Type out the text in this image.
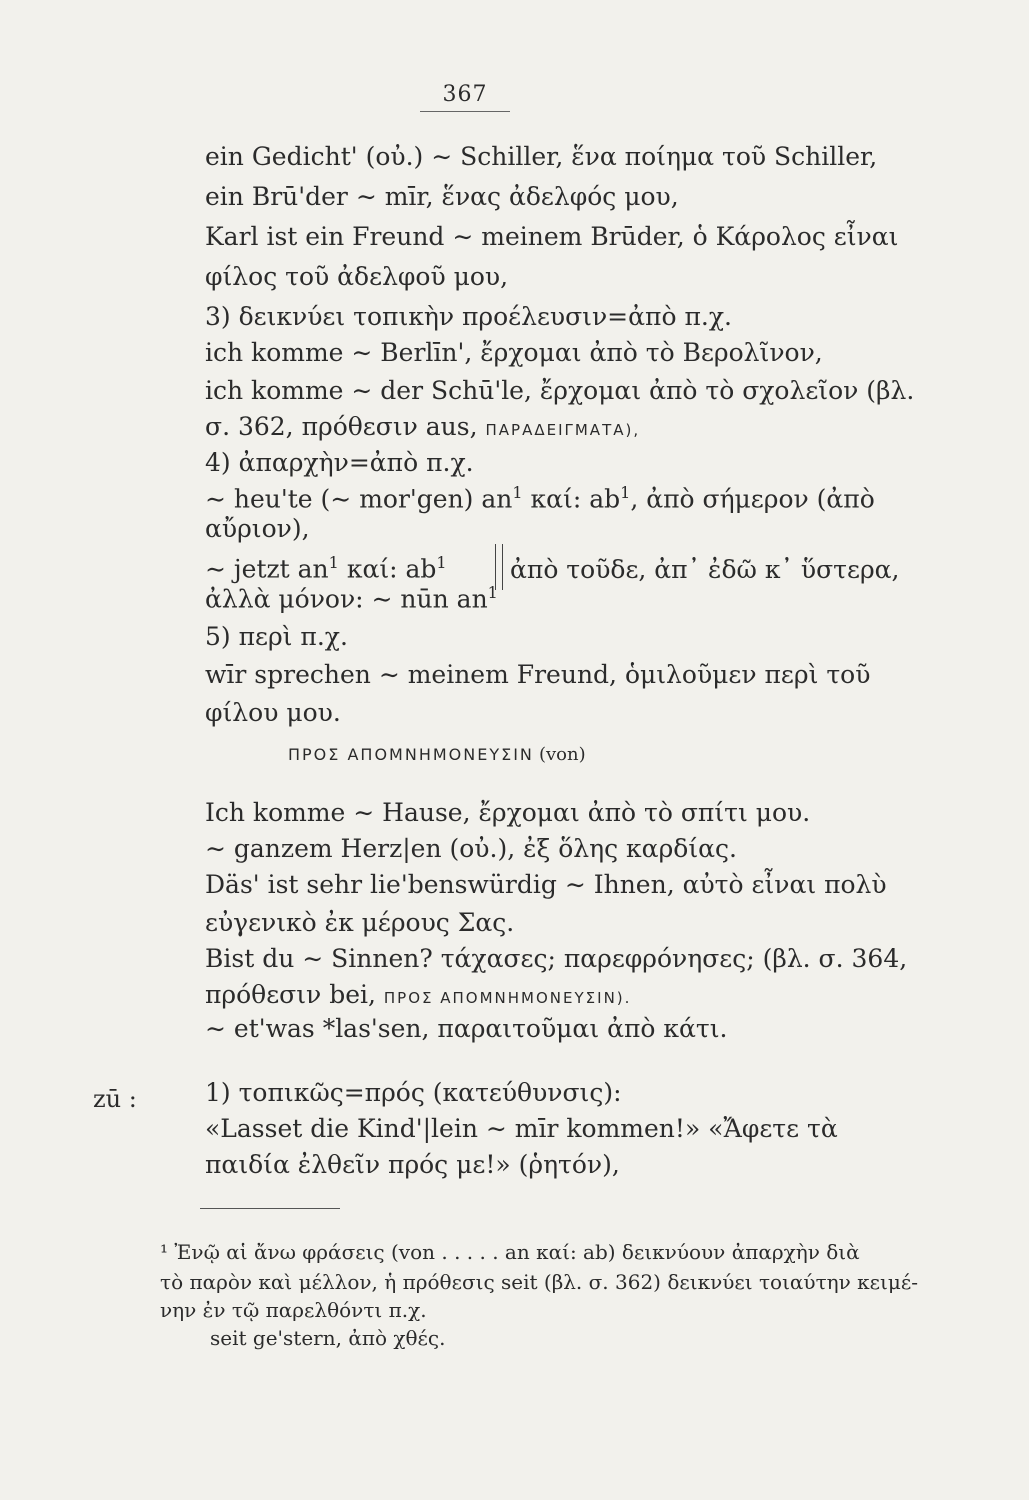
367
ein Gedicht' (οὐ.) ∼ Schiller, ἕνα ποίημα τοῦ Schiller,
ein Brū'der ∼ mīr, ἕνας ἀδελφός μου,
Karl ist ein Freund ∼ meinem Brūder, ὁ Κάρολος εἶναι
φίλος τοῦ ἀδελφοῦ μου,
3) δεικνύει τοπικὴν προέλευσιν=ἀπὸ π.χ.
ich komme ∼ Berlīn', ἔρχομαι ἀπὸ τὸ Βερολῖνον,
ich komme ∼ der Schū'le, ἔρχομαι ἀπὸ τὸ σχολεῖον (βλ.
σ. 362, πρόθεσιν aus, ΠΑΡΑΔΕΙΓΜΑΤΑ),
4) ἀπαρχὴν=ἀπὸ π.χ.
∼ heu'te (∼ mor'gen) $an^1$ καί: $ab^1$, ἀπὸ σήμερον (ἀπὸ
αὔριον),
∼ jetzt $an^1$ καί: $ab^1$
ἀλλὰ μόνον: ∼ nūn $an^1$
ἀπὸ τοῦδε, ἀπ᾽ ἐδῶ κ᾽ ὕστερα,
5) περὶ π.χ.
wīr sprechen ∼ meinem Freund, ὁμιλοῦμεν περὶ τοῦ
φίλου μου.
ΠΡΟΣ ΑΠΟΜΝΗΜΟΝΕΥΣΙΝ (von)
Ich komme ∼ Hause, ἔρχομαι ἀπὸ τὸ σπίτι μου.
∼ ganzem Herz|en (οὐ.), ἐξ ὅλης καρδίας.
Däs' ist sehr lie'benswürdig ∼ Ihnen, αὐτὸ εἶναι πολὺ
εὐγενικὸ ἐκ μέρους Σας.
Bist du ∼ Sinnen? τάχασες; παρεφρόνησες; (βλ. σ. 364,
πρόθεσιν bei, ΠΡΟΣ ΑΠΟΜΝΗΜΟΝΕΥΣΙΝ).
∼ et'was *las'sen, παραιτοῦμαι ἀπὸ κάτι.
zū :	1) τοπικῶς=πρός (κατεύθυνσις):
«Lasset die Kind'|lein ∼ mīr kommen!» «Ἄφετε τὰ
παιδία ἐλθεῖν πρός με!» (ῥητόν),
¹ Ἐνῷ αἱ ἄνω φράσεις (von . . . . . an καί: ab) δεικνύουν ἀπαρχὴν διὰ
τὸ παρὸν καὶ μέλλον, ἡ πρόθεσις seit (βλ. σ. 362) δεικνύει τοιαύτην κειμέ-
νην ἐν τῷ παρελθόντι π.χ.
seit ge'stern, ἀπὸ χθές.
